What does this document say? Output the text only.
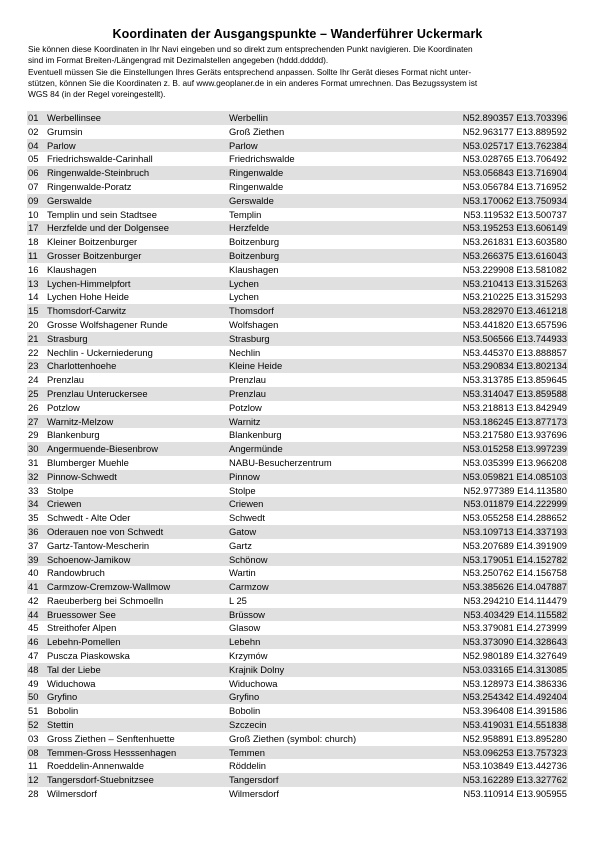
Koordinaten der Ausgangspunkte – Wanderführer Uckermark
Sie können diese Koordinaten in Ihr Navi eingeben und so direkt zum entsprechenden Punkt navigieren. Die Koordinaten
sind im Format Breiten-/Längengrad mit Dezimalstellen angegeben (hddd.ddddd).
Eventuell müssen Sie die Einstellungen Ihres Geräts entsprechend anpassen. Sollte Ihr Gerät dieses Format nicht unter-
stützen, können Sie die Koordinaten z. B. auf www.geoplaner.de in ein anderes Format umrechnen. Das Bezugssystem ist
WGS 84 (in der Regel voreingestellt).
01 Werbellinsee	Werbellin	N52.890357 E13.703396
02 Grumsin	Groß Ziethen	N52.963177 E13.889592
04 Parlow	Parlow	N53.025717 E13.762384
05 Friedrichswalde-Carinhall	Friedrichswalde	N53.028765 E13.706492
06 Ringenwalde-Steinbruch	Ringenwalde	N53.056843 E13.716904
07 Ringenwalde-Poratz	Ringenwalde	N53.056784 E13.716952
09 Gerswalde	Gerswalde	N53.170062 E13.750934
10 Templin und sein Stadtsee	Templin	N53.119532 E13.500737
17 Herzfelde und der Dolgensee	Herzfelde	N53.195253 E13.606149
18 Kleiner Boitzenburger	Boitzenburg	N53.261831 E13.603580
11 Grosser Boitzenburger	Boitzenburg	N53.266375 E13.616043
16 Klaushagen	Klaushagen	N53.229908 E13.581082
13 Lychen-Himmelpfort	Lychen	N53.210413 E13.315263
14 Lychen Hohe Heide	Lychen	N53.210225 E13.315293
15 Thomsdorf-Carwitz	Thomsdorf	N53.282970 E13.461218
20 Grosse Wolfshagener Runde	Wolfshagen	N53.441820 E13.657596
21 Strasburg	Strasburg	N53.506566 E13.744933
22 Nechlin - Uckerniederung	Nechlin	N53.445370 E13.888857
23 Charlottenhoehe	Kleine Heide	N53.290834 E13.802134
24 Prenzlau	Prenzlau	N53.313785 E13.859645
25 Prenzlau Unteruckersee	Prenzlau	N53.314047 E13.859588
26 Potzlow	Potzlow	N53.218813 E13.842949
27 Warnitz-Melzow	Warnitz	N53.186245 E13.877173
29 Blankenburg	Blankenburg	N53.217580 E13.937696
30 Angermuende-Biesenbrow	Angermünde	N53.015258 E13.997239
31 Blumberger Muehle	NABU-Besucherzentrum	N53.035399 E13.966208
32 Pinnow-Schwedt	Pinnow	N53.059821 E14.085103
33 Stolpe	Stolpe	N52.977389 E14.113580
34 Criewen	Criewen	N53.011879 E14.222999
35 Schwedt - Alte Oder	Schwedt	N53.055258 E14.288652
36 Oderauen noe von Schwedt	Gatow	N53.109713 E14.337193
37 Gartz-Tantow-Mescherin	Gartz	N53.207689 E14.391909
39 Schoenow-Jamikow	Schönow	N53.179051 E14.152782
40 Randowbruch	Wartin	N53.250762 E14.156758
41 Carmzow-Cremzow-Wallmow	Carmzow	N53.385626 E14.047887
42 Raeuberberg bei Schmoelln	L 25	N53.294210 E14.114479
44 Bruessower See	Brüssow	N53.403429 E14.115582
45 Streithofer Alpen	Glasow	N53.379081 E14.273999
46 Lebehn-Pomellen	Lebehn	N53.373090 E14.328643
47 Puscza Piaskowska	Krzymów	N52.980189 E14.327649
48 Tal der Liebe	Krajnik Dolny	N53.033165 E14.313085
49 Widuchowa	Widuchowa	N53.128973 E14.386336
50 Gryfino	Gryfino	N53.254342 E14.492404
51 Bobolin	Bobolin	N53.396408 E14.391586
52 Stettin	Szczecin	N53.419031 E14.551838
03 Gross Ziethen – Senftenhuette	Groß Ziethen (symbol: church)	N52.958891 E13.895280
08 Temmen-Gross Hesssenhagen	Temmen	N53.096253 E13.757323
11 Roeddelin-Annenwalde	Röddelin	N53.103849 E13.442736
12 Tangersdorf-Stuebnitzsee	Tangersdorf	N53.162289 E13.327762
28 Wilmersdorf	Wilmersdorf	N53.110914 E13.905955
